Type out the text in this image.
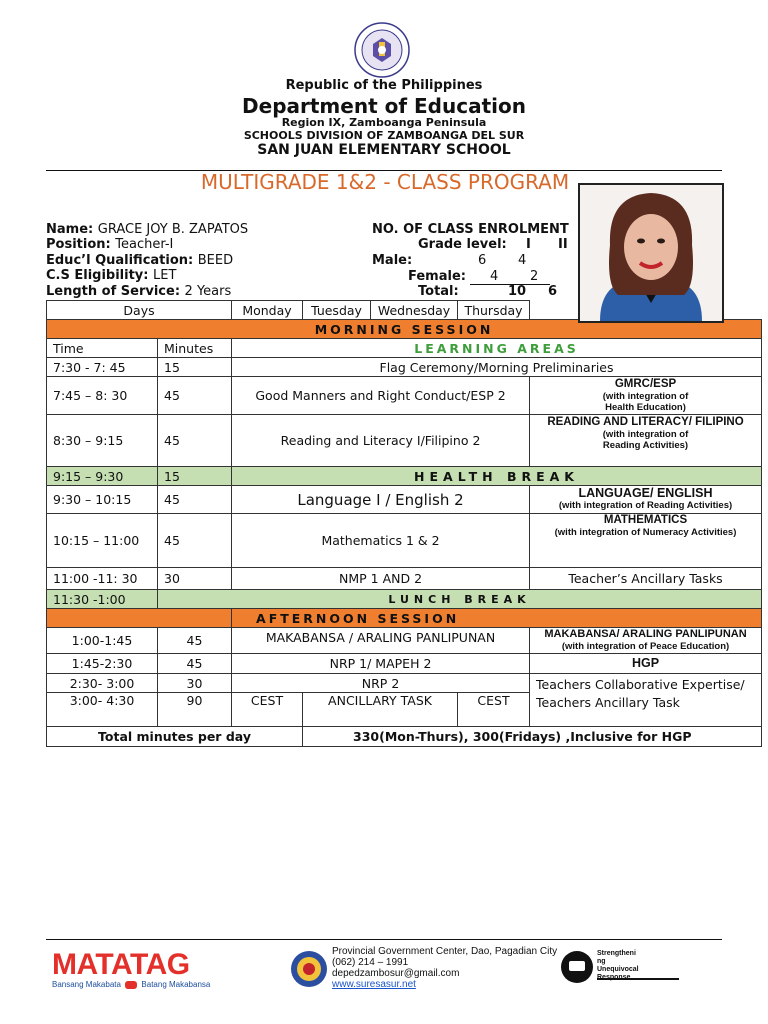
Republic of the Philippines
Department of Education
Region IX, Zamboanga Peninsula
SCHOOLS DIVISION OF ZAMBOANGA DEL SUR
SAN JUAN ELEMENTARY SCHOOL
MULTIGRADE 1&2 - CLASS PROGRAM
Name: GRACE JOY B. ZAPATOS
Position: Teacher-I
Educ’l Qualification: BEED
C.S Eligibility: LET
Length of Service: 2 Years
NO. OF CLASS ENROLMENT
Grade level: I II
Male:	6 4
Female: 4 2
Total:	10 6
Days		Monday	Tuesday	Wednesday	Thursday	
MORNING SESSION						
Time	Minutes	LEARNING AREAS				
7:30 - 7: 45	15	Flag Ceremony/Morning Preliminaries				
7:45 – 8: 30	45	Good Manners and Right Conduct/ESP 2				GMRC/ESP
(with integration of Health Education)

8:30 – 9:15	45	Reading and Literacy I/Filipino 2				READING AND LITERACY/ FILIPINO
(with integration of Reading Activities)

9:15 – 9:30	15	HEALTH BREAK				
9:30 – 10:15	45	Language I / English 2				LANGUAGE/ ENGLISH
(with integration of Reading Activities)

10:15 – 11:00	45	Mathematics 1 & 2				MATHEMATICS
(with integration of Numeracy Activities)

11:00 -11: 30	30	NMP 1 AND 2				Teacher’s Ancillary Tasks
11:30 -1:00	LUNCH BREAK					
		AFTERNOON SESSION				
1:00-1:45	45	MAKABANSA / ARALING PANLIPUNAN				MAKABANSA/ ARALING PANLIPUNAN
(with integration of Peace Education)

1:45-2:30	45	NRP 1/ MAPEH 2				HGP
2:30- 3:00	30	NRP 2				Teachers Collaborative Expertise/ Teachers Ancillary Task
3:00- 4:30	90	CEST	ANCILLARY TASK		CEST	
Total minutes per day			330(Mon-Thurs), 300(Fridays) ,Inclusive for HGP			
MATATAG
Bansang Makabata	Batang Makabansa
Provincial Government Center, Dao, Pagadian City
(062) 214 – 1991
depedzambosur@gmail.com
www.suresasur.net
Strengtheni
ng
Unequivocal
Response
